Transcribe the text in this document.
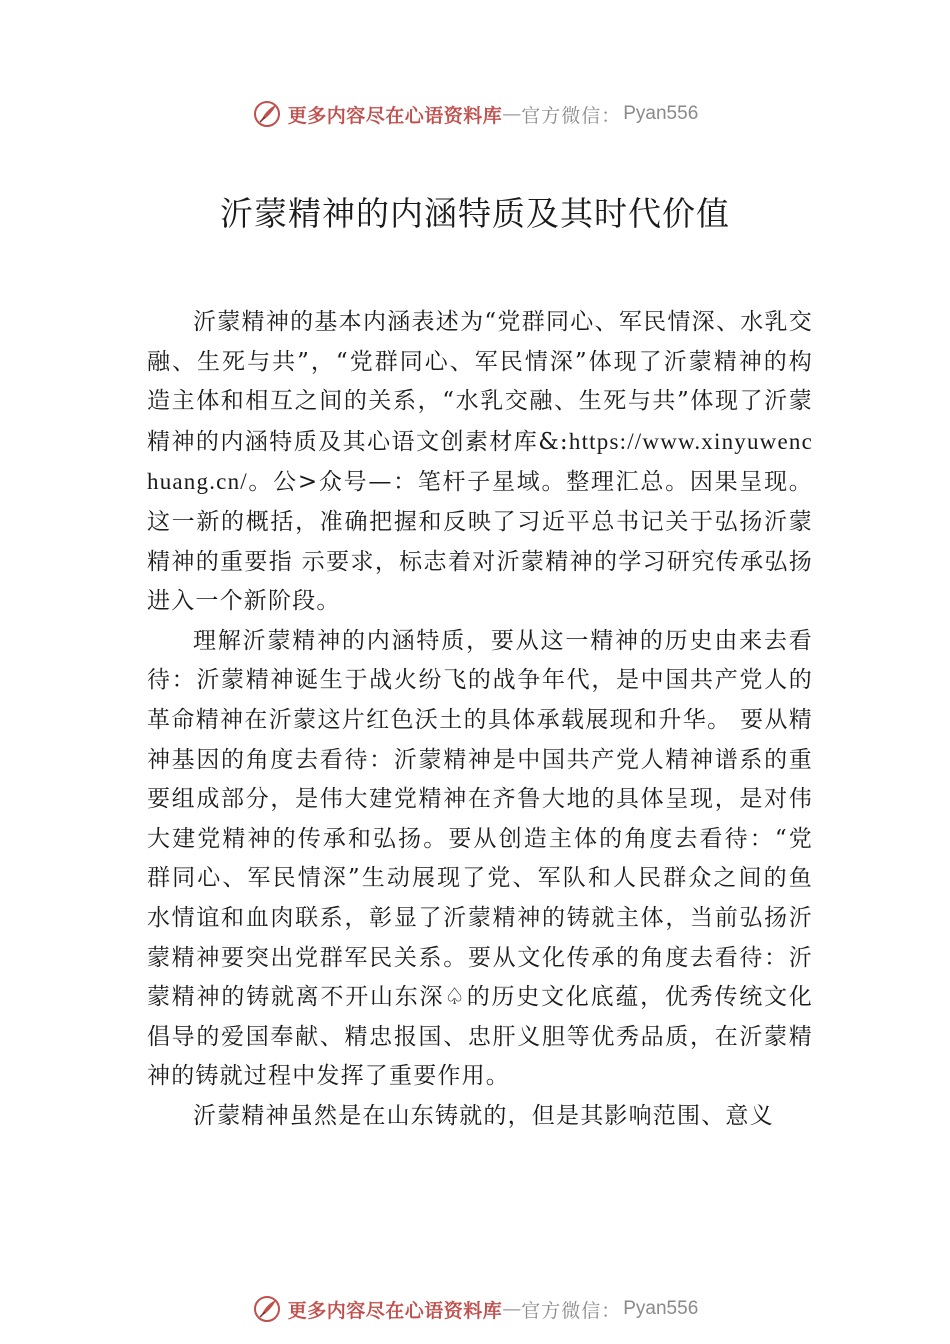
更多内容尽在心语资料库 — 官方微信： Pyan556
沂蒙精神的内涵特质及其时代价值

沂蒙精神的基本内涵表述为“党群同心、军民情深、水乳交融、生死与共”，“党群同心、军民情深”体现了沂蒙精神的构造主体和相互之间的关系，“水乳交融、生死与共”体现了沂蒙精神的内涵特质及其心语文创素材库&:https://www.xinyuwenchuang.cn/。公>众号—：笔杆子星域。整理汇总。因果呈现。这一新的概括，准确把握和反映了习近平总书记关于弘扬沂蒙精神的重要指 示要求，标志着对沂蒙精神的学习研究传承弘扬进入一个新阶段。

理解沂蒙精神的内涵特质，要从这一精神的历史由来去看待：沂蒙精神诞生于战火纷飞的战争年代，是中国共产党人的革命精神在沂蒙这片红色沃土的具体承载展现和升华。 要从精神基因的角度去看待：沂蒙精神是中国共产党人精神谱系的重要组成部分，是伟大建党精神在齐鲁大地的具体呈现，是对伟大建党精神的传承和弘扬。要从创造主体的角度去看待：“党群同心、军民情深”生动展现了党、军队和人民群众之间的鱼水情谊和血肉联系，彰显了沂蒙精神的铸就主体，当前弘扬沂蒙精神要突出党群军民关系。要从文化传承的角度去看待：沂蒙精神的铸就离不开山东深♤的历史文化底蕴，优秀传统文化倡导的爱国奉献、精忠报国、忠肝义胆等优秀品质，在沂蒙精神的铸就过程中发挥了重要作用。

沂蒙精神虽然是在山东铸就的，但是其影响范围、意义

更多内容尽在心语资料库 — 官方微信： Pyan556
